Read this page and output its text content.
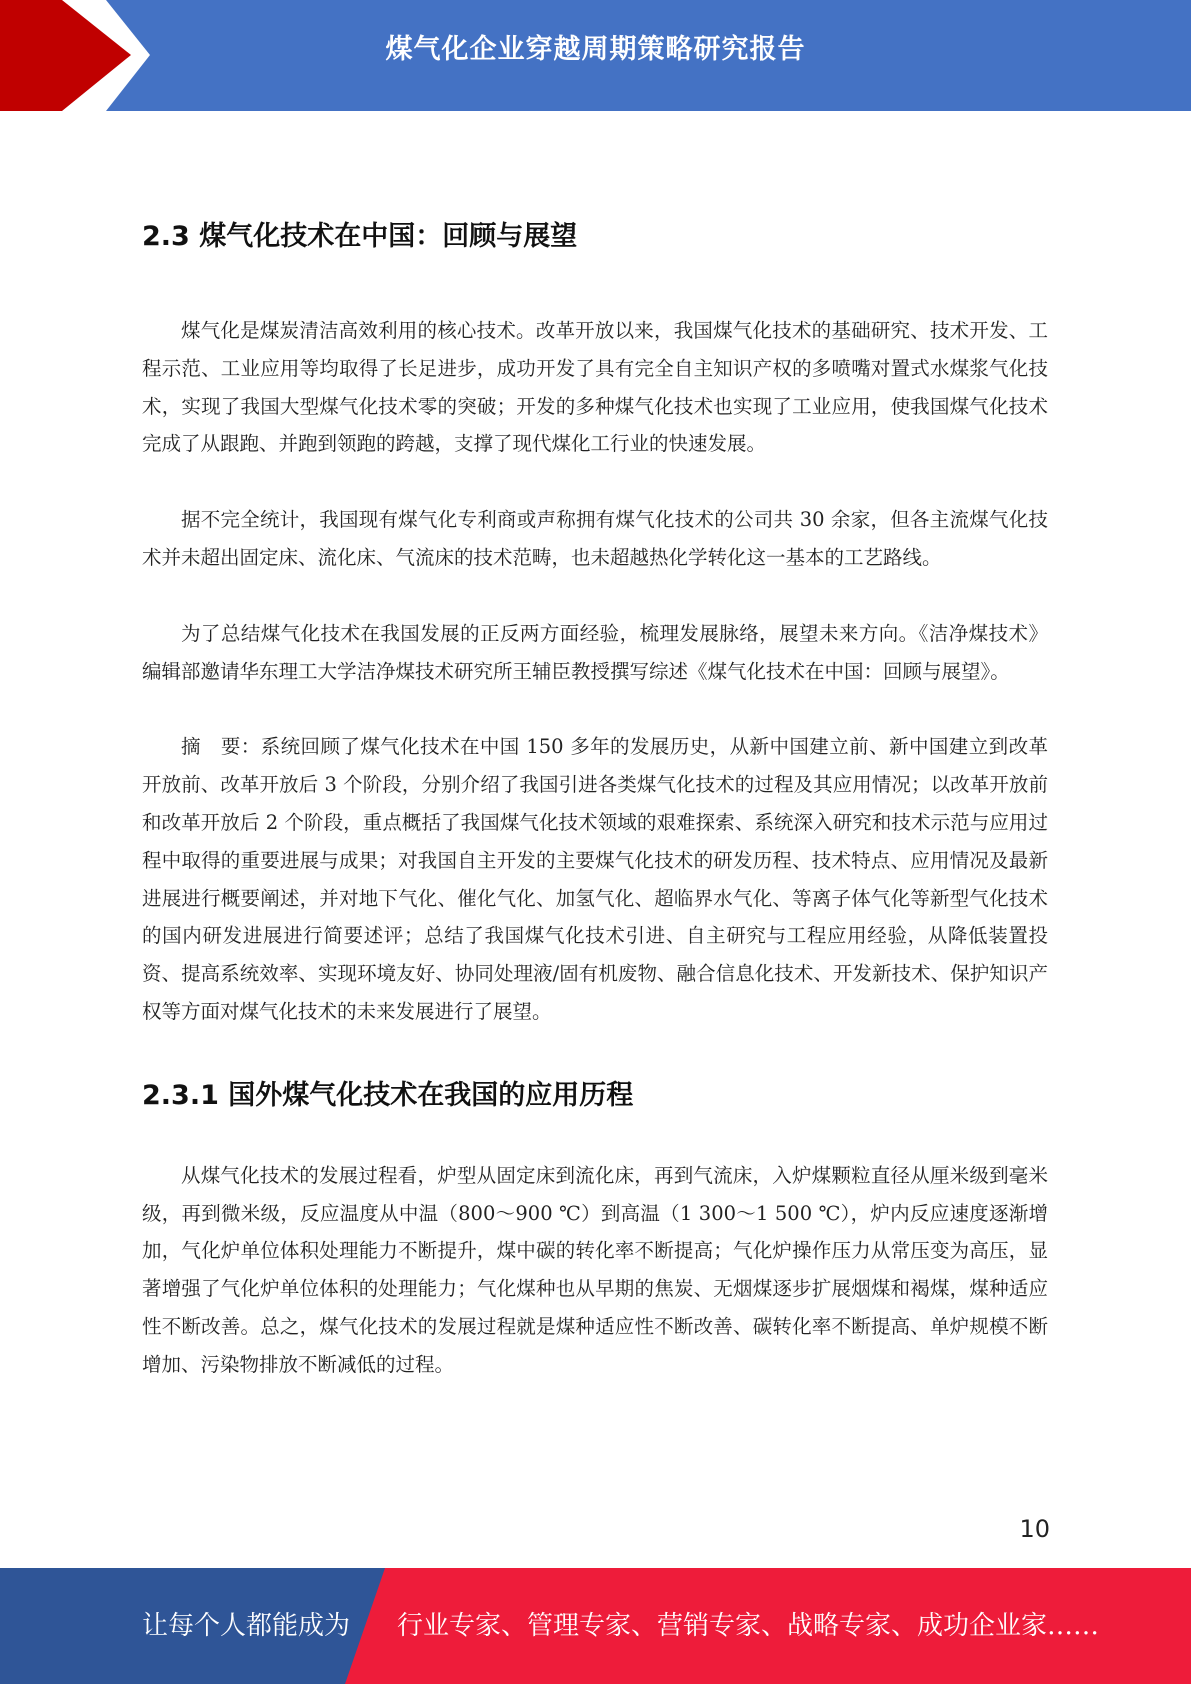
煤气化企业穿越周期策略研究报告
2.3 煤气化技术在中国：回顾与展望

煤气化是煤炭清洁高效利用的核心技术。改革开放以来，我国煤气化技术的基础研究、技术开发、工程示范、工业应用等均取得了长足进步，成功开发了具有完全自主知识产权的多喷嘴对置式水煤浆气化技术，实现了我国大型煤气化技术零的突破；开发的多种煤气化技术也实现了工业应用，使我国煤气化技术完成了从跟跑、并跑到领跑的跨越，支撑了现代煤化工行业的快速发展。

据不完全统计，我国现有煤气化专利商或声称拥有煤气化技术的公司共 30 余家，但各主流煤气化技术并未超出固定床、流化床、气流床的技术范畴，也未超越热化学转化这一基本的工艺路线。

为了总结煤气化技术在我国发展的正反两方面经验，梳理发展脉络，展望未来方向。《洁净煤技术》编辑部邀请华东理工大学洁净煤技术研究所王辅臣教授撰写综述《煤气化技术在中国：回顾与展望》。

摘　要：系统回顾了煤气化技术在中国 150 多年的发展历史，从新中国建立前、新中国建立到改革开放前、改革开放后 3 个阶段，分别介绍了我国引进各类煤气化技术的过程及其应用情况；以改革开放前和改革开放后 2 个阶段，重点概括了我国煤气化技术领域的艰难探索、系统深入研究和技术示范与应用过程中取得的重要进展与成果；对我国自主开发的主要煤气化技术的研发历程、技术特点、应用情况及最新进展进行概要阐述，并对地下气化、催化气化、加氢气化、超临界水气化、等离子体气化等新型气化技术的国内研发进展进行简要述评；总结了我国煤气化技术引进、自主研究与工程应用经验，从降低装置投资、提高系统效率、实现环境友好、协同处理液/固有机废物、融合信息化技术、开发新技术、保护知识产权等方面对煤气化技术的未来发展进行了展望。

2.3.1 国外煤气化技术在我国的应用历程

从煤气化技术的发展过程看，炉型从固定床到流化床，再到气流床，入炉煤颗粒直径从厘米级到毫米级，再到微米级，反应温度从中温（800～900 ℃）到高温（1 300～1 500 ℃），炉内反应速度逐渐增加，气化炉单位体积处理能力不断提升，煤中碳的转化率不断提高；气化炉操作压力从常压变为高压，显著增强了气化炉单位体积的处理能力；气化煤种也从早期的焦炭、无烟煤逐步扩展烟煤和褐煤，煤种适应性不断改善。总之，煤气化技术的发展过程就是煤种适应性不断改善、碳转化率不断提高、单炉规模不断增加、污染物排放不断减低的过程。

10
让每个人都能成为 行业专家、管理专家、营销专家、战略专家、成功企业家……
